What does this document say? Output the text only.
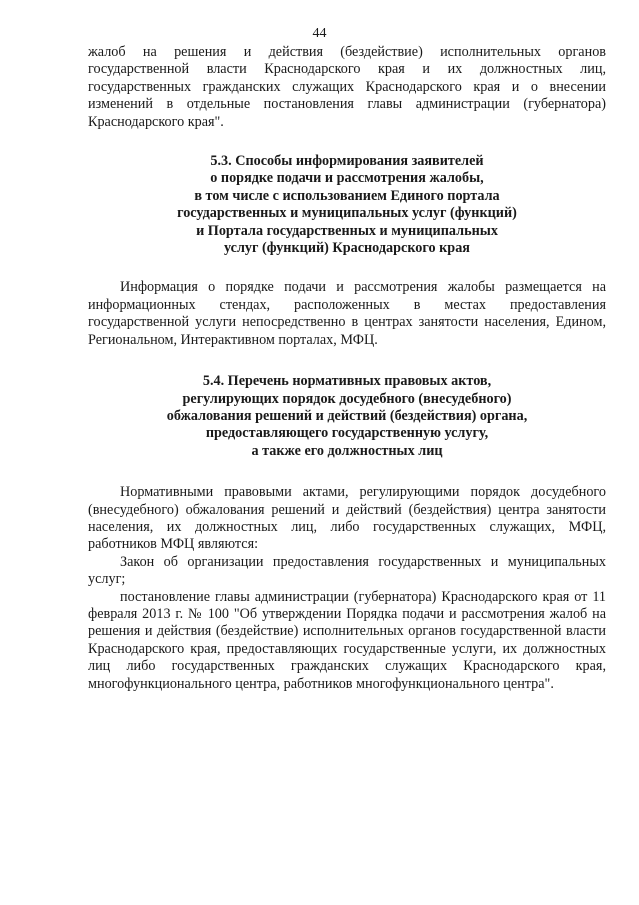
44

жалоб на решения и действия (бездействие) исполнительных органов государственной власти Краснодарского края и их должностных лиц, государственных гражданских служащих Краснодарского края и о внесении изменений в отдельные постановления главы администрации (губернатора) Краснодарского края".

5.3. Способы информирования заявителей
о порядке подачи и рассмотрения жалобы,
в том числе с использованием Единого портала
государственных и муниципальных услуг (функций)
и Портала государственных и муниципальных
услуг (функций) Краснодарского края

Информация о порядке подачи и рассмотрения жалобы размещается на информационных стендах, расположенных в местах предоставления государственной услуги непосредственно в центрах занятости населения, Едином, Региональном, Интерактивном порталах, МФЦ.

5.4. Перечень нормативных правовых актов,
регулирующих порядок досудебного (внесудебного)
обжалования решений и действий (бездействия) органа,
предоставляющего государственную услугу,
а также его должностных лиц

Нормативными правовыми актами, регулирующими порядок досудебного (внесудебного) обжалования решений и действий (бездействия) центра занятости населения, их должностных лиц, либо государственных служащих, МФЦ, работников МФЦ являются:

Закон об организации предоставления государственных и муниципальных услуг;

постановление главы администрации (губернатора) Краснодарского края от 11 февраля 2013 г. № 100 "Об утверждении Порядка подачи и рассмотрения жалоб на решения и действия (бездействие) исполнительных органов государственной власти Краснодарского края, предоставляющих государственные услуги, их должностных лиц либо государственных гражданских служащих Краснодарского края, многофункционального центра, работников многофункционального центра".
